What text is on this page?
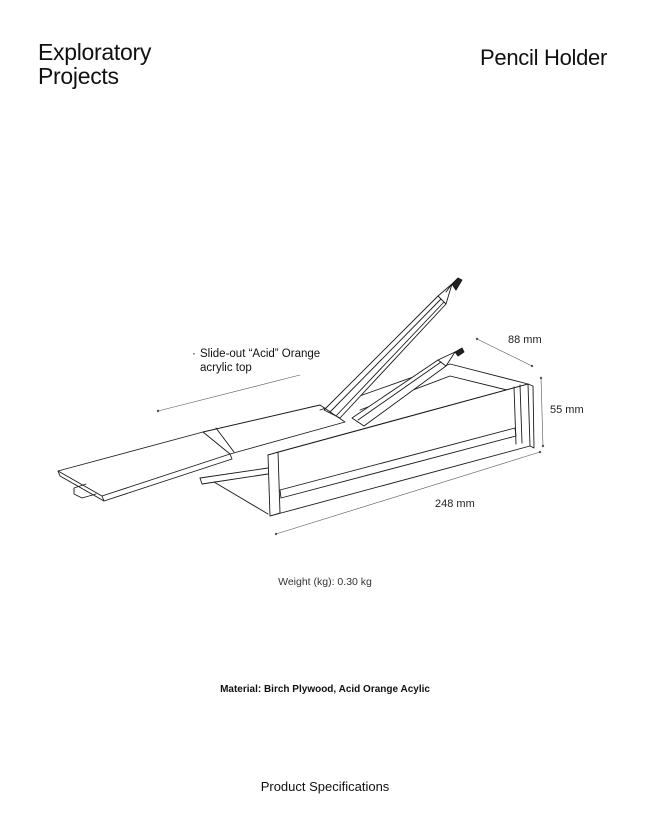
Exploratory
Projects
Pencil Holder
· Slide-out “Acid” Orange
acrylic top
88 mm
55 mm
248 mm
Weight (kg): 0.30 kg
Material: Birch Plywood, Acid Orange Acylic
Product Specifications
